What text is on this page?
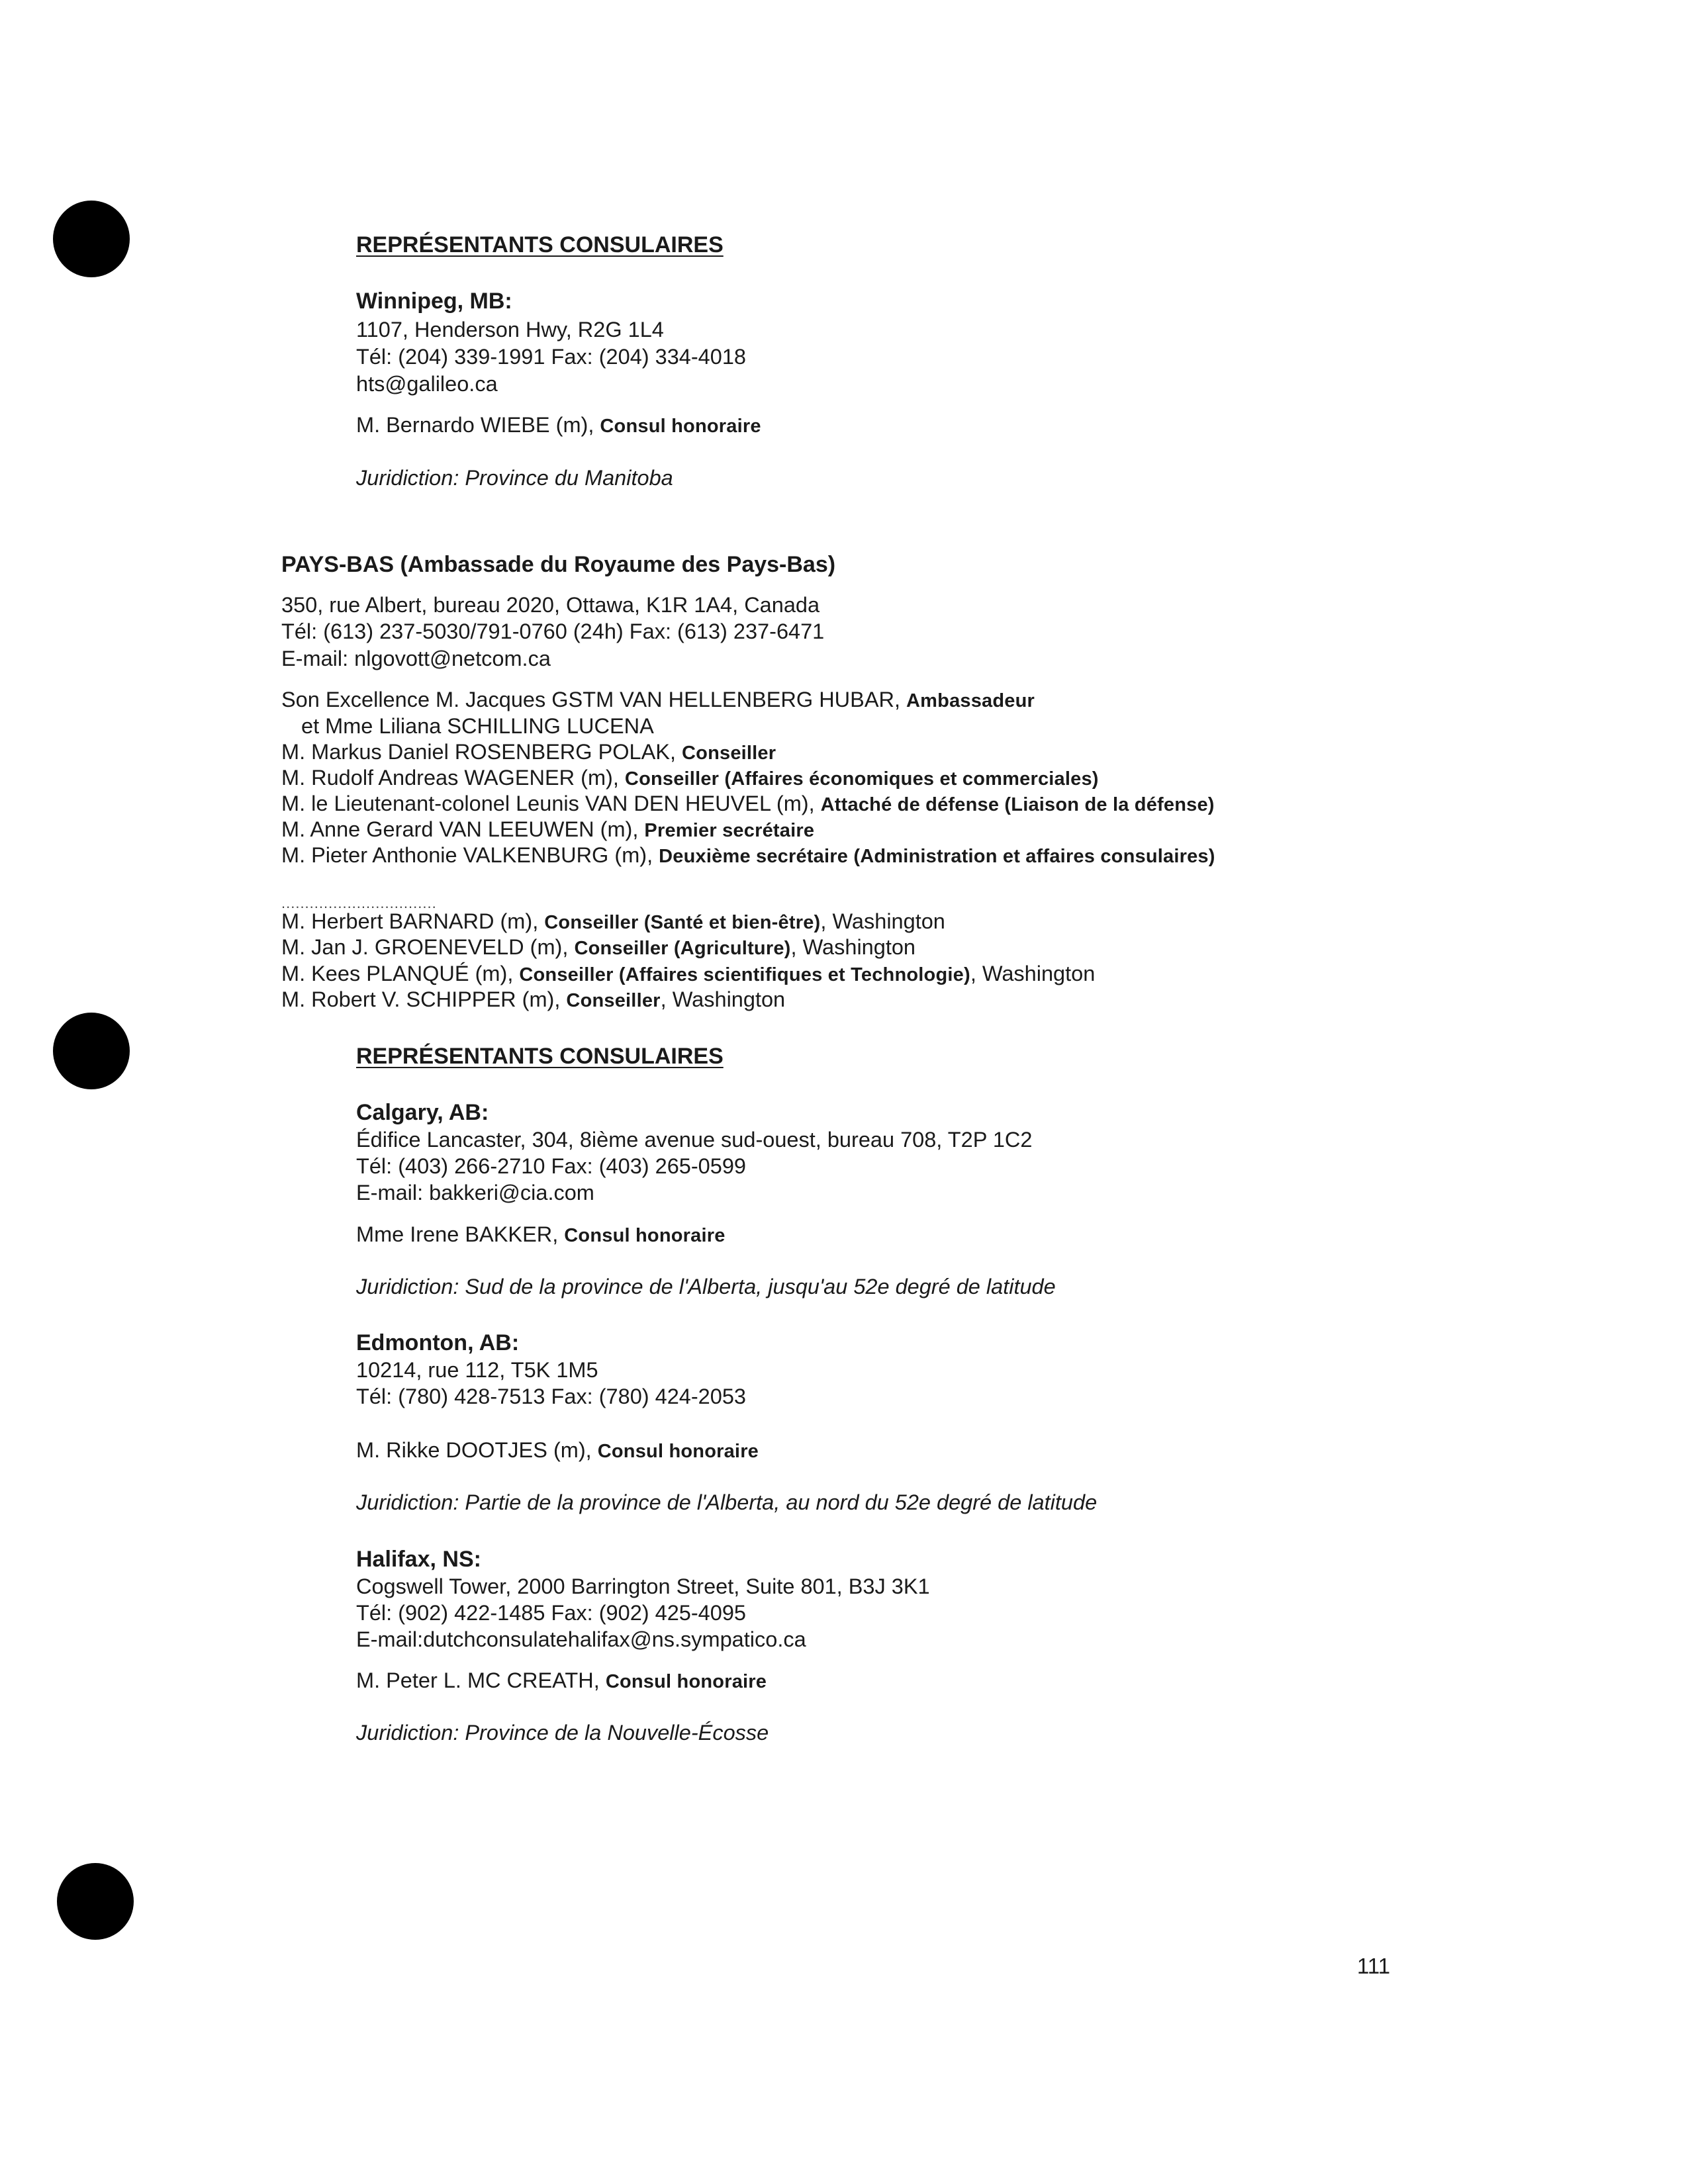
REPRÉSENTANTS CONSULAIRES
Winnipeg, MB:
1107, Henderson Hwy, R2G 1L4
Tél: (204) 339-1991 Fax: (204) 334-4018
hts@galileo.ca
M. Bernardo WIEBE (m), Consul honoraire
Juridiction: Province du Manitoba
PAYS-BAS (Ambassade du Royaume des Pays-Bas)
350, rue Albert, bureau 2020, Ottawa, K1R 1A4, Canada
Tél: (613) 237-5030/791-0760 (24h) Fax: (613) 237-6471
E-mail: nlgovott@netcom.ca
Son Excellence M. Jacques GSTM VAN HELLENBERG HUBAR, Ambassadeur
et Mme Liliana SCHILLING LUCENA
M. Markus Daniel ROSENBERG POLAK, Conseiller
M. Rudolf Andreas WAGENER (m), Conseiller (Affaires économiques et commerciales)
M. le Lieutenant-colonel Leunis VAN DEN HEUVEL (m), Attaché de défense (Liaison de la défense)
M. Anne Gerard VAN LEEUWEN (m), Premier secrétaire
M. Pieter Anthonie VALKENBURG (m), Deuxième secrétaire (Administration et affaires consulaires)
.................................
M. Herbert BARNARD (m), Conseiller (Santé et bien-être), Washington
M. Jan J. GROENEVELD (m), Conseiller (Agriculture), Washington
M. Kees PLANQUÉ (m), Conseiller (Affaires scientifiques et Technologie), Washington
M. Robert V. SCHIPPER (m), Conseiller, Washington
REPRÉSENTANTS CONSULAIRES
Calgary, AB:
Édifice Lancaster, 304, 8ième avenue sud-ouest, bureau 708, T2P 1C2
Tél: (403) 266-2710 Fax: (403) 265-0599
E-mail: bakkeri@cia.com
Mme Irene BAKKER, Consul honoraire
Juridiction: Sud de la province de l'Alberta, jusqu'au 52e degré de latitude
Edmonton, AB:
10214, rue 112, T5K 1M5
Tél: (780) 428-7513 Fax: (780) 424-2053
M. Rikke DOOTJES (m), Consul honoraire
Juridiction: Partie de la province de l'Alberta, au nord du 52e degré de latitude
Halifax, NS:
Cogswell Tower, 2000 Barrington Street, Suite 801, B3J 3K1
Tél: (902) 422-1485 Fax: (902) 425-4095
E-mail:dutchconsulatehalifax@ns.sympatico.ca
M. Peter L. MC CREATH, Consul honoraire
Juridiction: Province de la Nouvelle-Écosse
111
